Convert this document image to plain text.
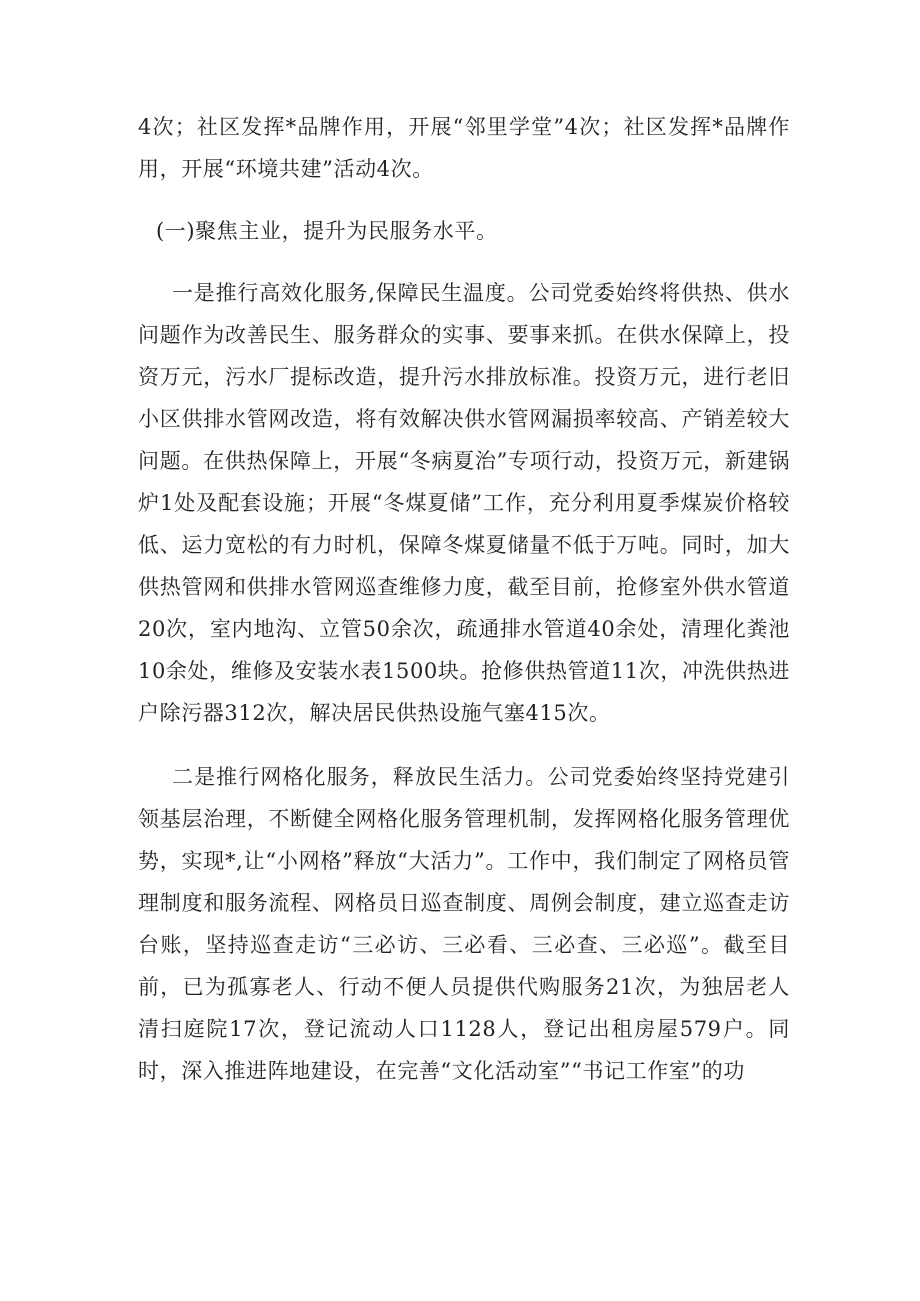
4次；社区发挥*品牌作用，开展“邻里学堂”4次；社区发挥*品牌作用，开展“环境共建”活动4次。

(一)聚焦主业，提升为民服务水平。

一是推行高效化服务,保障民生温度。公司党委始终将供热、供水问题作为改善民生、服务群众的实事、要事来抓。在供水保障上，投资万元，污水厂提标改造，提升污水排放标准。投资万元，进行老旧小区供排水管网改造，将有效解决供水管网漏损率较高、产销差较大问题。在供热保障上，开展“冬病夏治”专项行动，投资万元，新建锅炉1处及配套设施；开展“冬煤夏储”工作，充分利用夏季煤炭价格较低、运力宽松的有力时机，保障冬煤夏储量不低于万吨。同时，加大供热管网和供排水管网巡查维修力度，截至目前，抢修室外供水管道20次，室内地沟、立管50余次，疏通排水管道40余处，清理化粪池10余处，维修及安装水表1500块。抢修供热管道11次，冲洗供热进户除污器312次，解决居民供热设施气塞415次。

二是推行网格化服务，释放民生活力。公司党委始终坚持党建引领基层治理，不断健全网格化服务管理机制，发挥网格化服务管理优势，实现*,让“小网格”释放“大活力”。工作中，我们制定了网格员管理制度和服务流程、网格员日巡查制度、周例会制度，建立巡查走访台账，坚持巡查走访“三必访、三必看、三必查、三必巡”。截至目前，已为孤寡老人、行动不便人员提供代购服务21次，为独居老人清扫庭院17次，登记流动人口1128人，登记出租房屋579户。同时，深入推进阵地建设，在完善“文化活动室”“书记工作室”的功
